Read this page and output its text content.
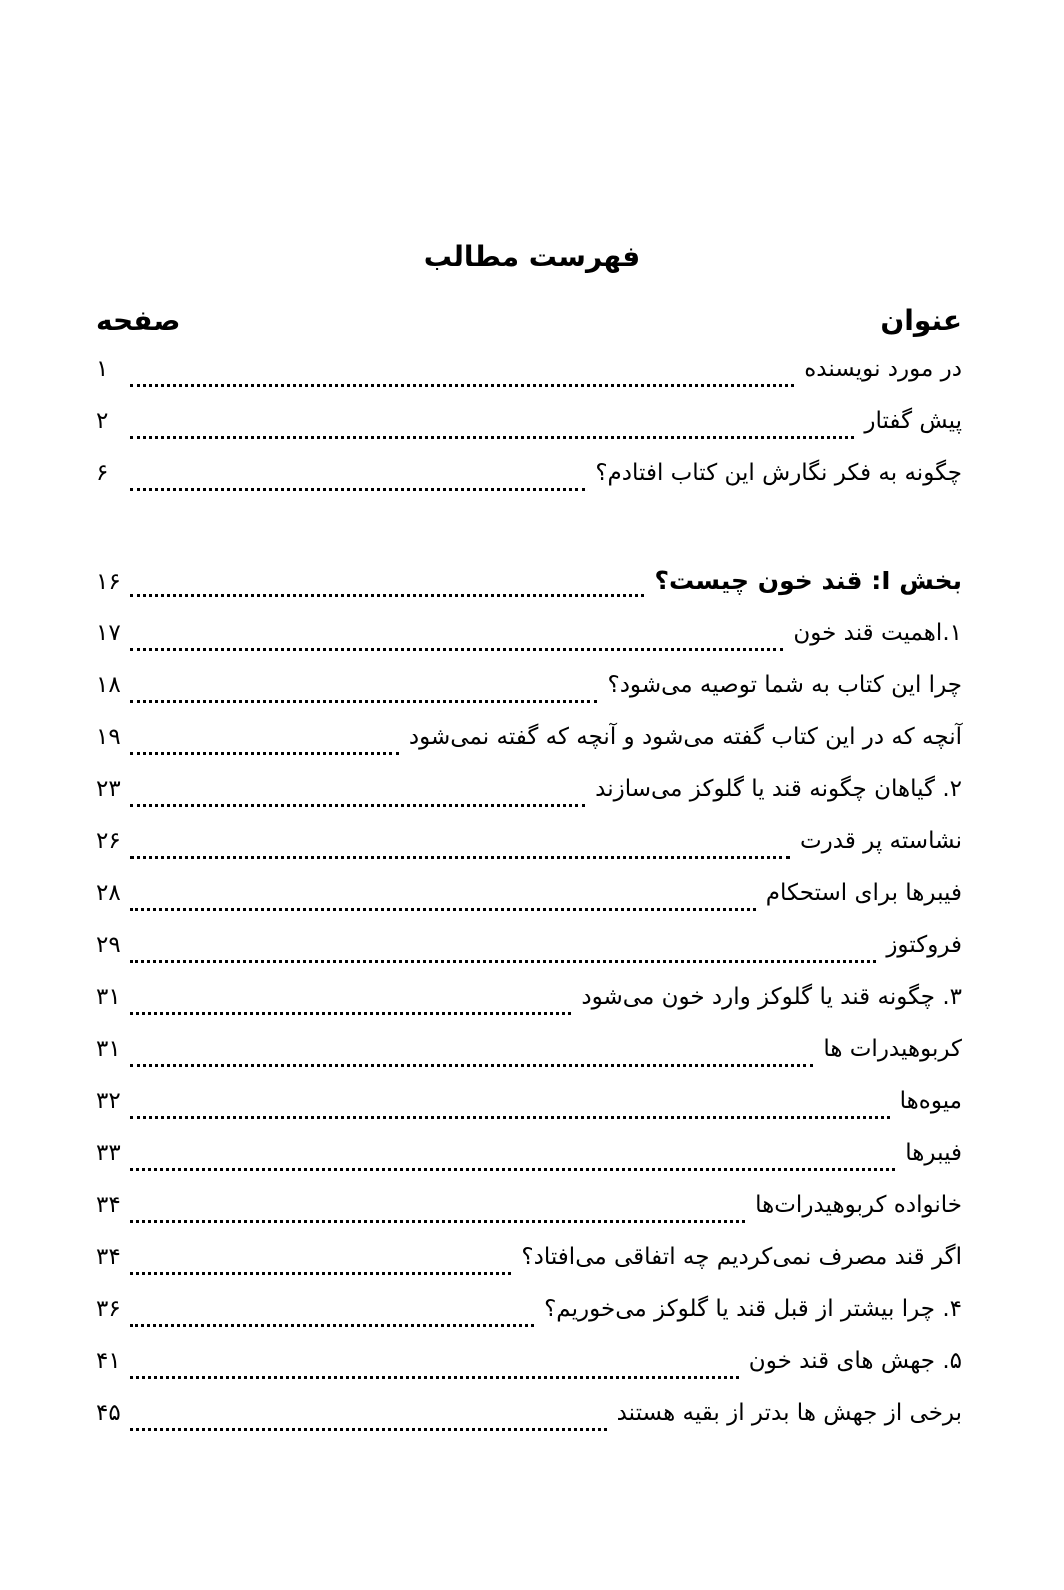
فهرست مطالب
عنوان
صفحه
در مورد نویسنده
۱
پیش گفتار
۲
چگونه به فکر نگارش این کتاب افتادم؟
۶
بخش I: قند خون چیست؟
۱۶
۱.اهمیت قند خون
۱۷
چرا این کتاب به شما توصیه می‌شود؟
۱۸
آنچه که در این کتاب گفته می‌شود و آنچه که گفته نمی‌شود
۱۹
۲. گیاهان چگونه قند یا گلوکز می‌سازند
۲۳
نشاسته پر قدرت
۲۶
فیبرها برای استحکام
۲۸
فروکتوز
۲۹
۳. چگونه قند یا گلوکز وارد خون می‌شود
۳۱
کربوهیدرات ها
۳۱
میوه‌ها
۳۲
فیبرها
۳۳
خانواده کربوهیدرات‌ها
۳۴
اگر قند مصرف نمی‌کردیم چه اتفاقی می‌افتاد؟
۳۴
۴. چرا بیشتر از قبل قند یا گلوکز می‌خوریم؟
۳۶
۵. جهش های قند خون
۴۱
برخی از جهش ها بدتر از بقیه هستند
۴۵
